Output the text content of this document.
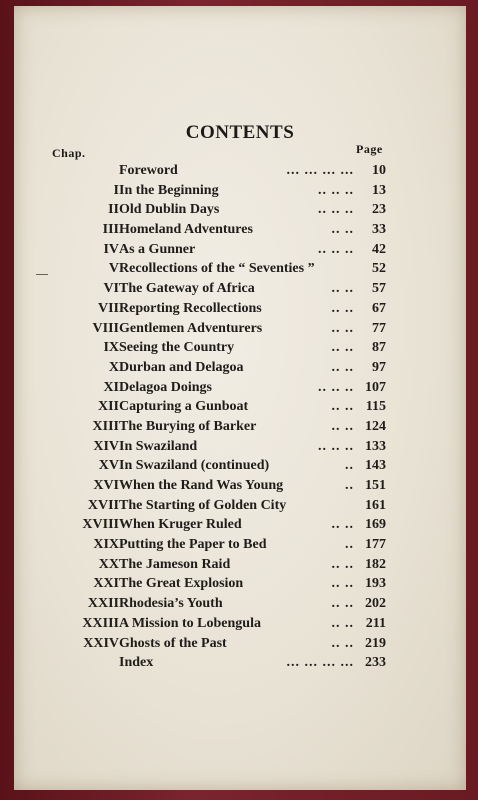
CONTENTS
Chap.	Page
Foreword	... ... ... ... 10
I In the Beginning	.. .. .. 13
II Old Dublin Days	.. .. .. 23
III Homeland Adventures	.. .. 33
IV As a Gunner	.. .. .. 42
V Recollections of the “ Seventies ”	52
VI The Gateway of Africa	.. .. 57
VII Reporting Recollections	.. .. 67
VIII Gentlemen Adventurers	.. .. 77
IX Seeing the Country	.. .. 87
X Durban and Delagoa	.. .. 97
XI Delagoa Doings	.. .. .. 107
XII Capturing a Gunboat	.. .. 115
XIII The Burying of Barker	.. .. 124
XIV In Swaziland	.. .. .. 133
XV In Swaziland (continued)	.. 143
XVI When the Rand Was Young	.. 151
XVII The Starting of Golden City	161
XVIII When Kruger Ruled	.. .. 169
XIX Putting the Paper to Bed	.. 177
XX The Jameson Raid	.. .. 182
XXI The Great Explosion	.. .. 193
XXII Rhodesia’s Youth	.. .. 202
XXIII A Mission to Lobengula	.. .. 211
XXIV Ghosts of the Past	.. .. 219
Index	... ... ... ... 233
